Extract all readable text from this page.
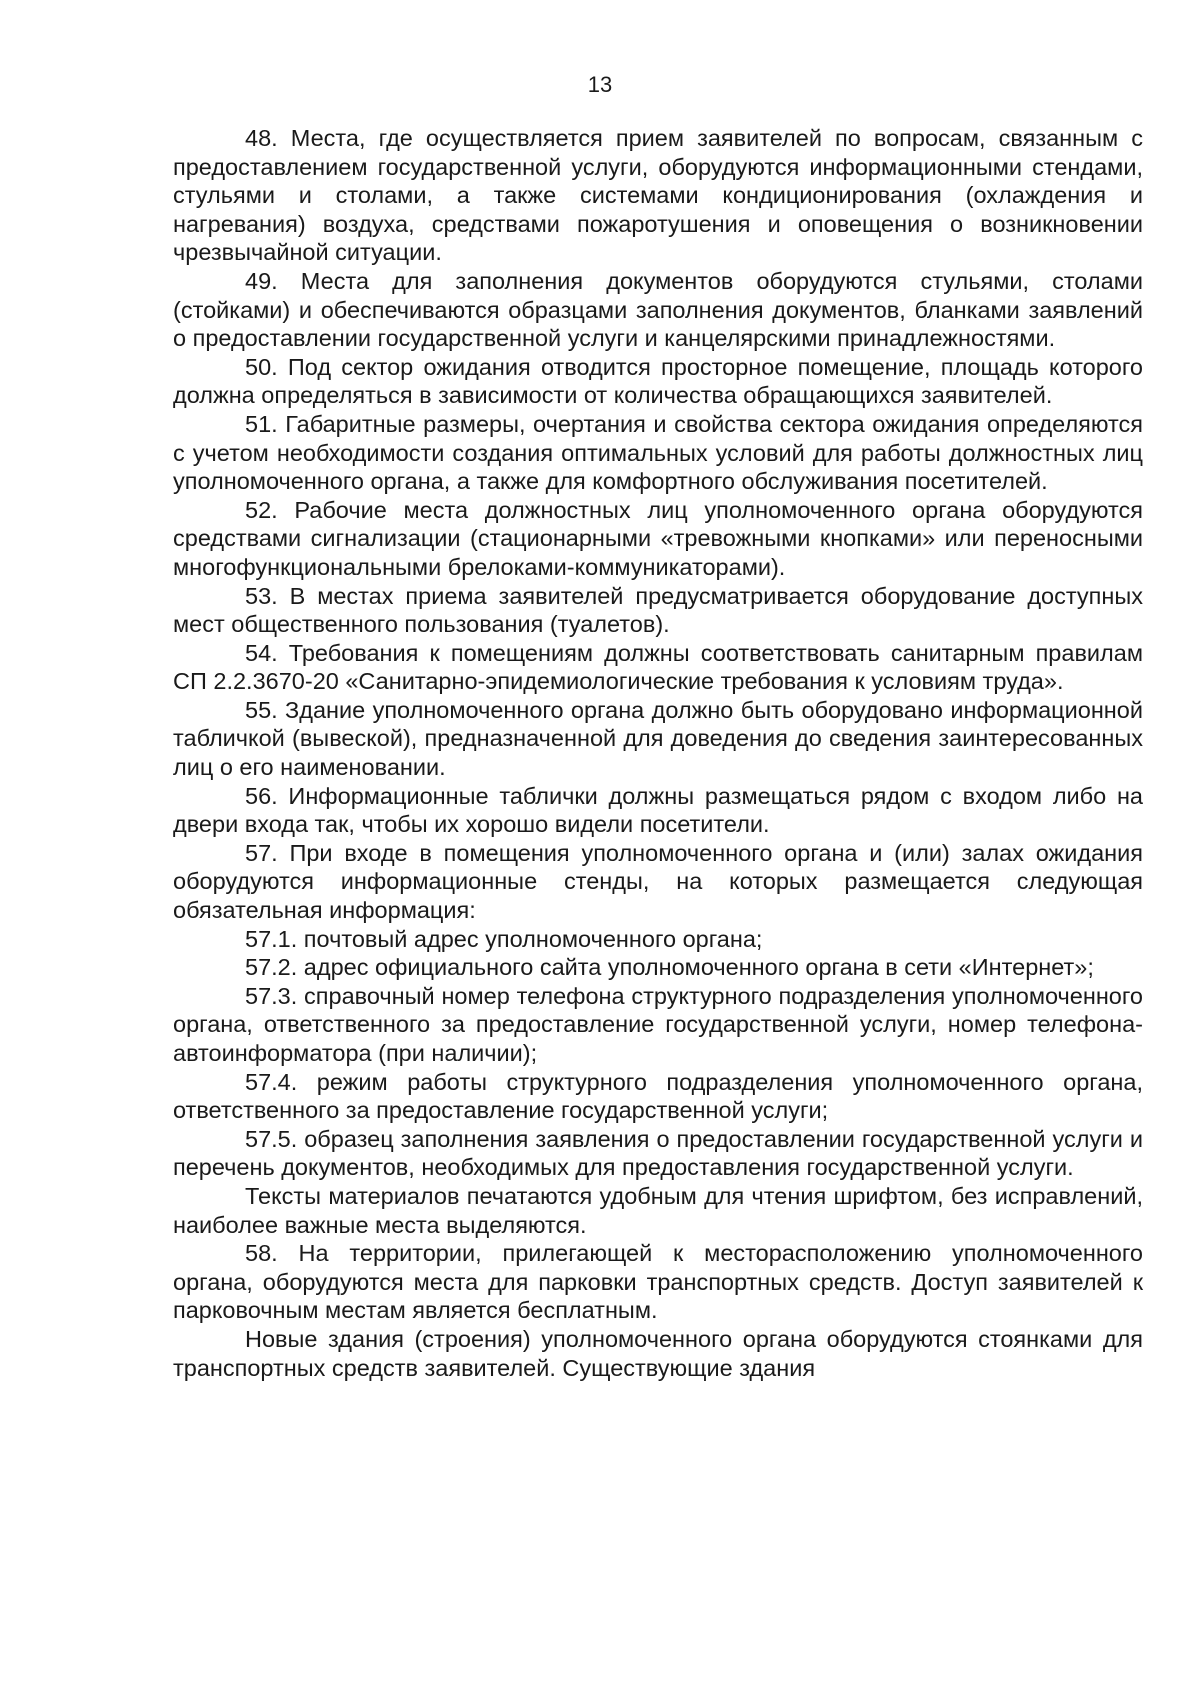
13

48. Места, где осуществляется прием заявителей по вопросам, связанным с предоставлением государственной услуги, оборудуются информационными стендами, стульями и столами, а также системами кондиционирования (охлаждения и нагревания) воздуха, средствами пожаротушения и оповещения о возникновении чрезвычайной ситуации.

49. Места для заполнения документов оборудуются стульями, столами (стойками) и обеспечиваются образцами заполнения документов, бланками заявлений о предоставлении государственной услуги и канцелярскими принадлежностями.

50. Под сектор ожидания отводится просторное помещение, площадь которого должна определяться в зависимости от количества обращающихся заявителей.

51. Габаритные размеры, очертания и свойства сектора ожидания определяются с учетом необходимости создания оптимальных условий для работы должностных лиц уполномоченного органа, а также для комфортного обслуживания посетителей.

52. Рабочие места должностных лиц уполномоченного органа оборудуются средствами сигнализации (стационарными «тревожными кнопками» или переносными многофункциональными брелоками-коммуникаторами).

53. В местах приема заявителей предусматривается оборудование доступных мест общественного пользования (туалетов).

54. Требования к помещениям должны соответствовать санитарным правилам СП 2.2.3670-20 «Санитарно-эпидемиологические требования к условиям труда».

55. Здание уполномоченного органа должно быть оборудовано информационной табличкой (вывеской), предназначенной для доведения до сведения заинтересованных лиц о его наименовании.

56. Информационные таблички должны размещаться рядом с входом либо на двери входа так, чтобы их хорошо видели посетители.

57. При входе в помещения уполномоченного органа и (или) залах ожидания оборудуются информационные стенды, на которых размещается следующая обязательная информация:

57.1. почтовый адрес уполномоченного органа;

57.2. адрес официального сайта уполномоченного органа в сети «Интернет»;

57.3. справочный номер телефона структурного подразделения уполномоченного органа, ответственного за предоставление государственной услуги, номер телефона-автоинформатора (при наличии);

57.4. режим работы структурного подразделения уполномоченного органа, ответственного за предоставление государственной услуги;

57.5. образец заполнения заявления о предоставлении государственной услуги и перечень документов, необходимых для предоставления государственной услуги.

Тексты материалов печатаются удобным для чтения шрифтом, без исправлений, наиболее важные места выделяются.

58. На территории, прилегающей к месторасположению уполномоченного органа, оборудуются места для парковки транспортных средств. Доступ заявителей к парковочным местам является бесплатным.

Новые здания (строения) уполномоченного органа оборудуются стоянками для транспортных средств заявителей. Существующие здания
